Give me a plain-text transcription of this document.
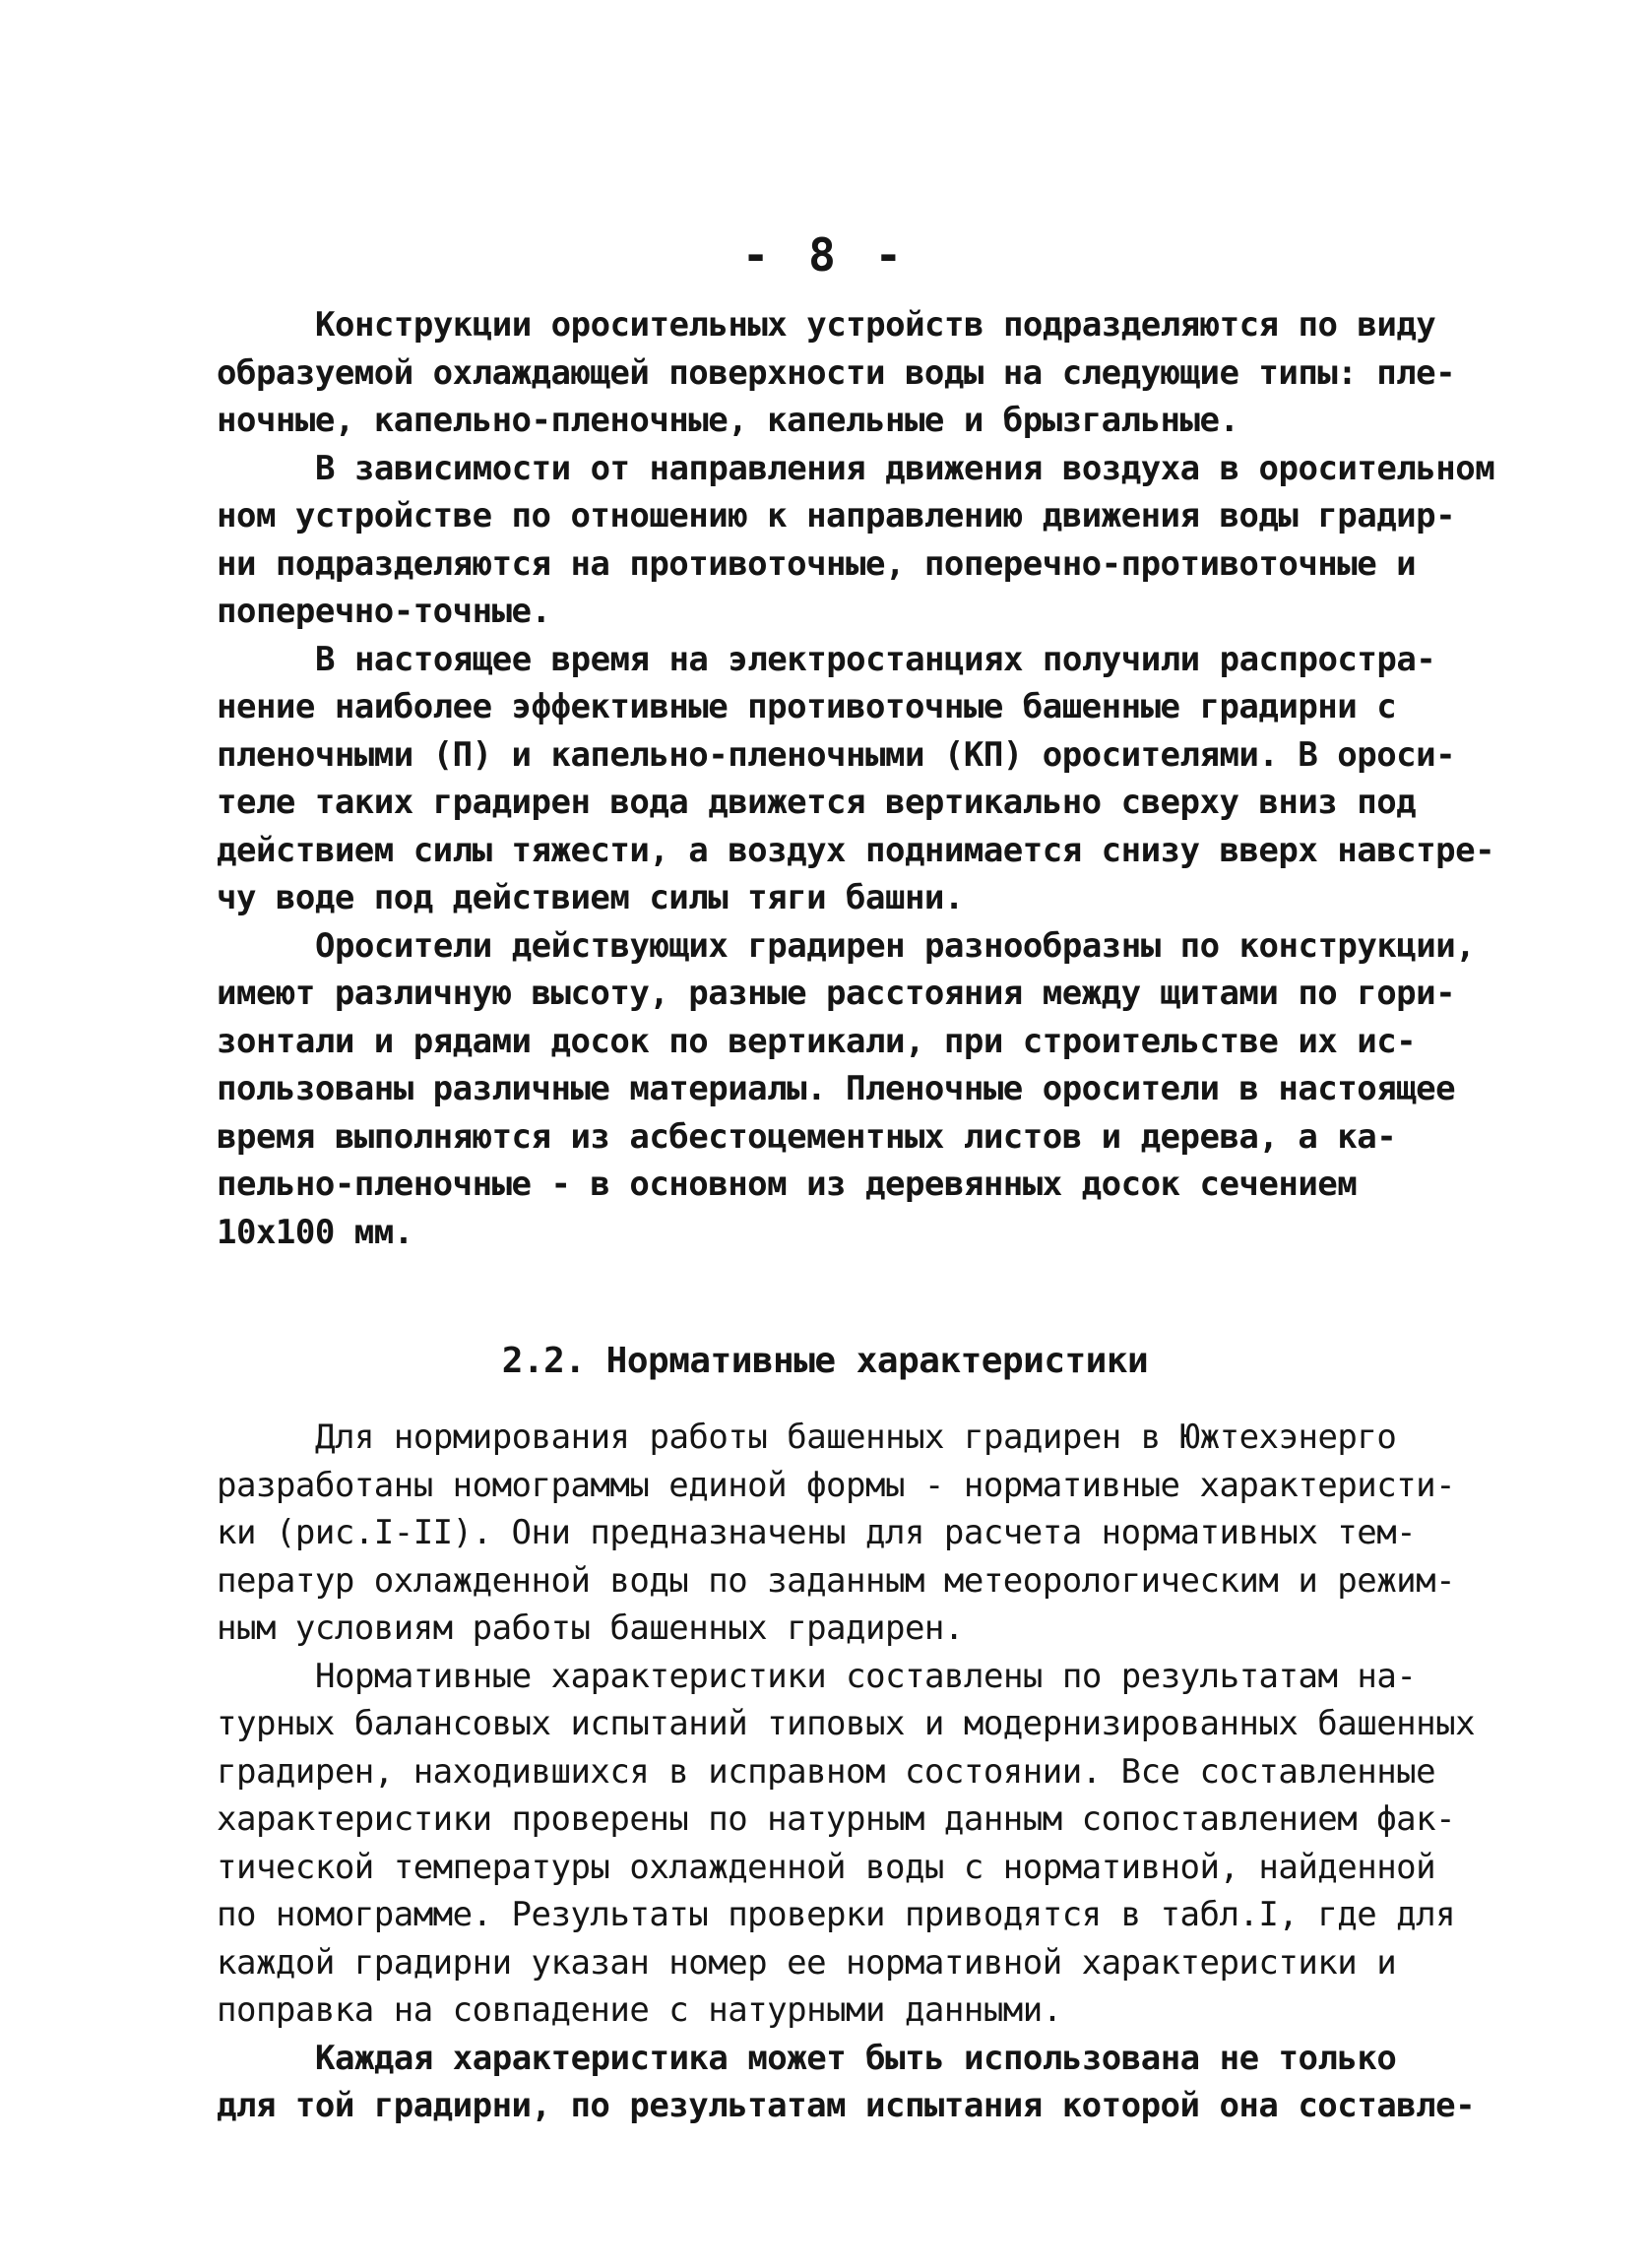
- 8 -
Конструкции оросительных устройств подразделяются по виду
образуемой охлаждающей поверхности воды на следующие типы: пле-
ночные, капельно-пленочные, капельные и брызгальные.
В зависимости от направления движения воздуха в оросительном
ном устройстве по отношению к направлению движения воды градир-
ни подразделяются на противоточные, поперечно-противоточные и
поперечно-точные.
В настоящее время на электростанциях получили распростра-
нение наиболее эффективные противоточные башенные градирни с
пленочными (П) и капельно-пленочными (КП) оросителями. В ороси-
теле таких градирен вода движется вертикально сверху вниз под
действием силы тяжести, а воздух поднимается снизу вверх навстре-
чу воде под действием силы тяги башни.
Оросители действующих градирен разнообразны по конструкции,
имеют различную высоту, разные расстояния между щитами по гори-
зонтали и рядами досок по вертикали, при строительстве их ис-
пользованы различные материалы. Пленочные оросители в настоящее
время выполняются из асбестоцементных листов и дерева, а ка-
пельно-пленочные - в основном из деревянных досок сечением
10х100 мм.
2.2. Нормативные характеристики
Для нормирования работы башенных градирен в Южтехэнерго
разработаны номограммы единой формы - нормативные характеристи-
ки (рис.I-II). Они предназначены для расчета нормативных тем-
ператур охлажденной воды по заданным метеорологическим и режим-
ным условиям работы башенных градирен.
Нормативные характеристики составлены по результатам на-
турных балансовых испытаний типовых и модернизированных башенных
градирен, находившихся в исправном состоянии. Все составленные
характеристики проверены по натурным данным сопоставлением фак-
тической температуры охлажденной воды с нормативной, найденной
по номограмме. Результаты проверки приводятся в табл.I, где для
каждой градирни указан номер ее нормативной характеристики и
поправка на совпадение с натурными данными.
Каждая характеристика может быть использована не только
для той градирни, по результатам испытания которой она составле-
